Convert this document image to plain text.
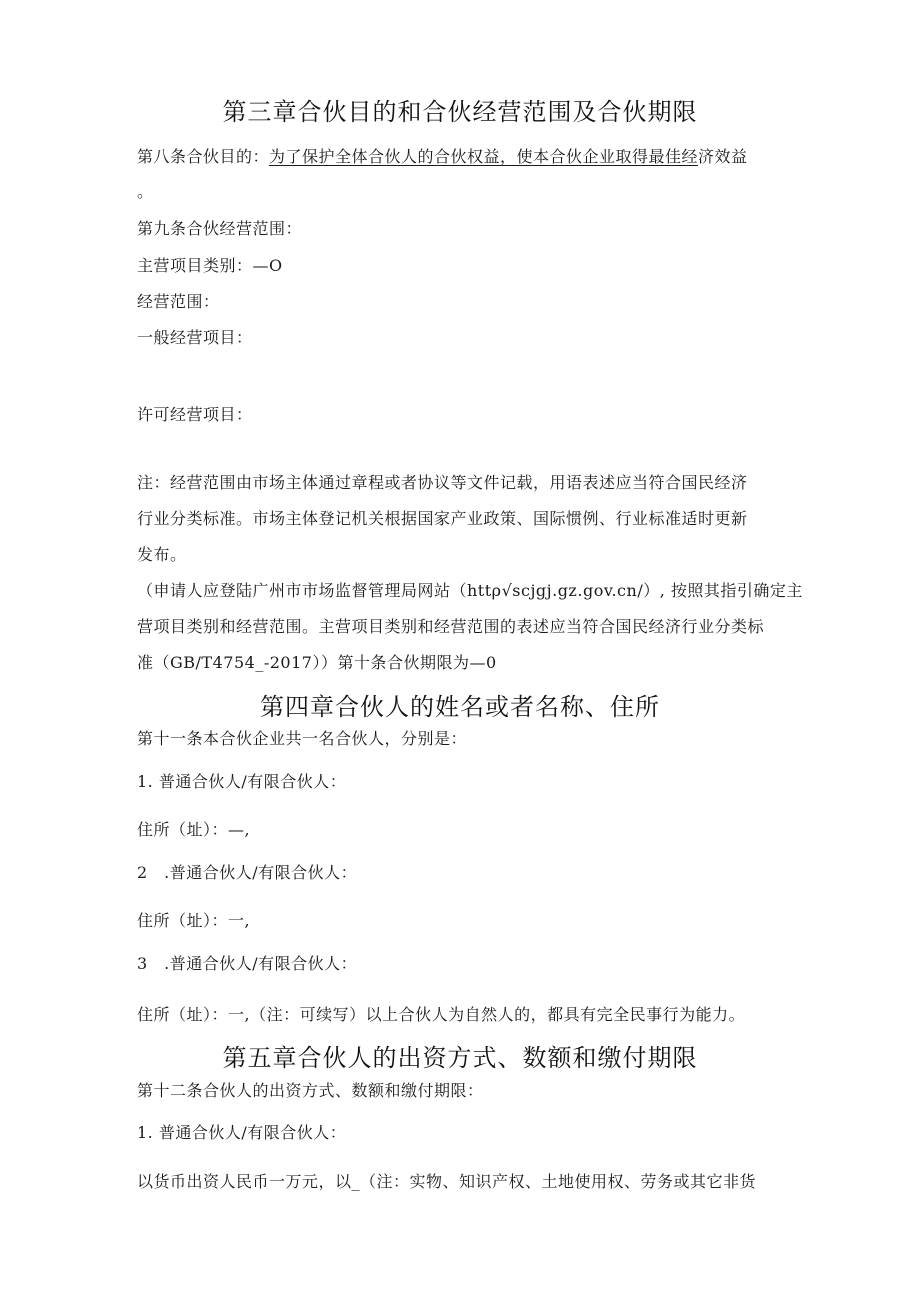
第三章合伙目的和合伙经营范围及合伙期限
第八条合伙目的：为了保护全体合伙人的合伙权益，使本合伙企业取得最佳经济效益
。
第九条合伙经营范围：
主营项目类别：—O
经营范围：
一般经营项目：
许可经营项目：
注：经营范围由市场主体通过章程或者协议等文件记载，用语表述应当符合国民经济
行业分类标准。市场主体登记机关根据国家产业政策、国际惯例、行业标准适时更新
发布。
（申请人应登陆广州市市场监督管理局网站（httρ√scjgj.gz.gov.cn/）, 按照其指引确定主
营项目类别和经营范围。主营项目类别和经营范围的表述应当符合国民经济行业分类标
准（GB/T4754_-2017））第十条合伙期限为—0
第四章合伙人的姓名或者名称、住所
第十一条本合伙企业共一名合伙人，分别是：
1. 普通合伙人/有限合伙人：
住所（址）：—,
2　.普通合伙人/有限合伙人：
住所（址）：一,
3　.普通合伙人/有限合伙人：
住所（址）：一,（注：可续写）以上合伙人为自然人的，都具有完全民事行为能力。
第五章合伙人的出资方式、数额和缴付期限
第十二条合伙人的出资方式、数额和缴付期限：
1. 普通合伙人/有限合伙人：
以货币出资人民币一万元，以_（注：实物、知识产权、土地使用权、劳务或其它非货
